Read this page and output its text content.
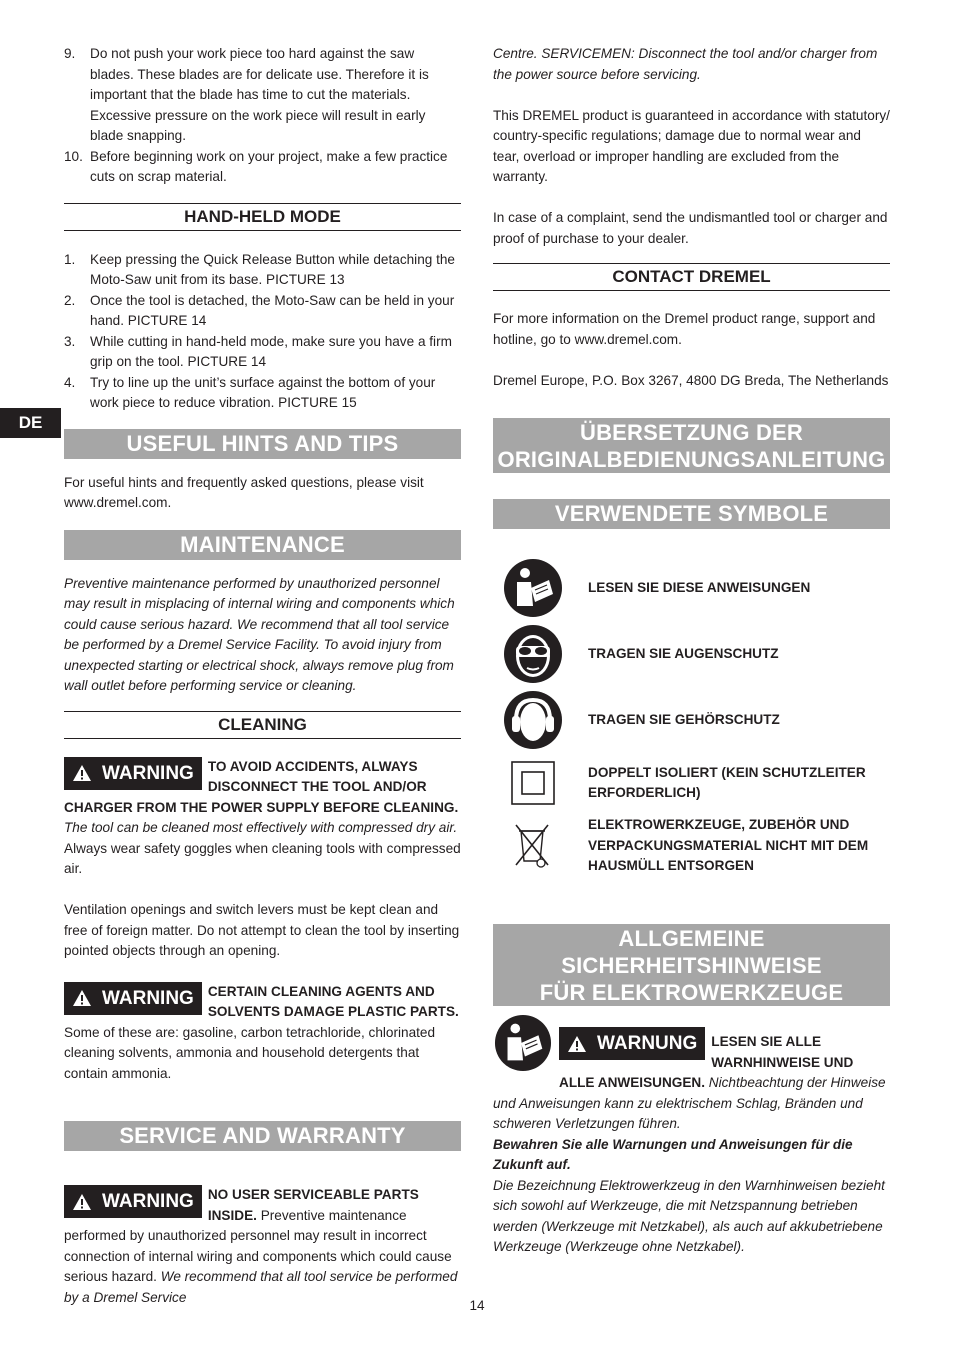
DE
9. Do not push your work piece too hard against the saw blades. These blades are for delicate use. Therefore it is important that the blade has time to cut the materials. Excessive pressure on the work piece will result in early blade snapping.
10. Before beginning work on your project, make a few practice cuts on scrap material.
HAND-HELD MODE
1. Keep pressing the Quick Release Button while detaching the Moto-Saw unit from its base. PICTURE 13
2. Once the tool is detached, the Moto-Saw can be held in your hand. PICTURE 14
3. While cutting in hand-held mode, make sure you have a firm grip on the tool. PICTURE 14
4. Try to line up the unit’s surface against the bottom of your work piece to reduce vibration. PICTURE 15
USEFUL HINTS AND TIPS

For useful hints and frequently asked questions, please visit www.dremel.com.

MAINTENANCE

Preventive maintenance performed by unauthorized personnel may result in misplacing of internal wiring and components which could cause serious hazard. We recommend that all tool service be performed by a Dremel Service Facility. To avoid injury from unexpected starting or electrical shock, always remove plug from wall outlet before performing service or cleaning.

CLEANING
WARNING	TO AVOID ACCIDENTS, ALWAYS DISCONNECT THE TOOL AND/OR CHARGER FROM THE POWER SUPPLY BEFORE CLEANING. The tool can be cleaned most effectively with compressed dry air. Always wear safety goggles when cleaning tools with compressed air.

Ventilation openings and switch levers must be kept clean and free of foreign matter. Do not attempt to clean the tool by inserting pointed objects through an opening.

WARNING	CERTAIN CLEANING AGENTS AND SOLVENTS DAMAGE PLASTIC PARTS. Some of these are: gasoline, carbon tetrachloride, chlorinated cleaning solvents, ammonia and household detergents that contain ammonia.

SERVICE AND WARRANTY
WARNING	NO USER SERVICEABLE PARTS INSIDE. Preventive maintenance performed by unauthorized personnel may result in incorrect connection of internal wiring and components which could cause serious hazard. We recommend that all tool service be performed by a Dremel Service

Centre. SERVICEMEN: Disconnect the tool and/or charger from the power source before servicing.

This DREMEL product is guaranteed in accordance with statutory/ country-specific regulations; damage due to normal wear and tear, overload or improper handling are excluded from the warranty.

In case of a complaint, send the undismantled tool or charger and proof of purchase to your dealer.

CONTACT DREMEL

For more information on the Dremel product range, support and hotline, go to www.dremel.com.

Dremel Europe, P.O. Box 3267, 4800 DG Breda, The Netherlands

ÜBERSETZUNG DER
ORIGINALBEDIENUNGSANLEITUNG
VERWENDETE SYMBOLE
LESEN SIE DIESE ANWEISUNGEN
TRAGEN SIE AUGENSCHUTZ
TRAGEN SIE GEHÖRSCHUTZ
DOPPELT ISOLIERT (KEIN SCHUTZLEITER ERFORDERLICH)
ELEKTROWERKZEUGE, ZUBEHÖR UND VERPACKUNGSMATERIAL NICHT MIT DEM HAUSMÜLL ENTSORGEN
ALLGEMEINE SICHERHEITSHINWEISE
FÜR ELEKTROWERKZEUGE
WARNUNG	LESEN SIE ALLE WARNHINWEISE UND ALLE ANWEISUNGEN. Nichtbeachtung der Hinweise und Anweisungen kann zu elektrischem Schlag, Bränden und schweren Verletzungen führen.

Bewahren Sie alle Warnungen und Anweisungen für die Zukunft auf.

Die Bezeichnung Elektrowerkzeug in den Warnhinweisen bezieht sich sowohl auf Werkzeuge, die mit Netzspannung betrieben werden (Werkzeuge mit Netzkabel), als auch auf akkubetriebene Werkzeuge (Werkzeuge ohne Netzkabel).

14
